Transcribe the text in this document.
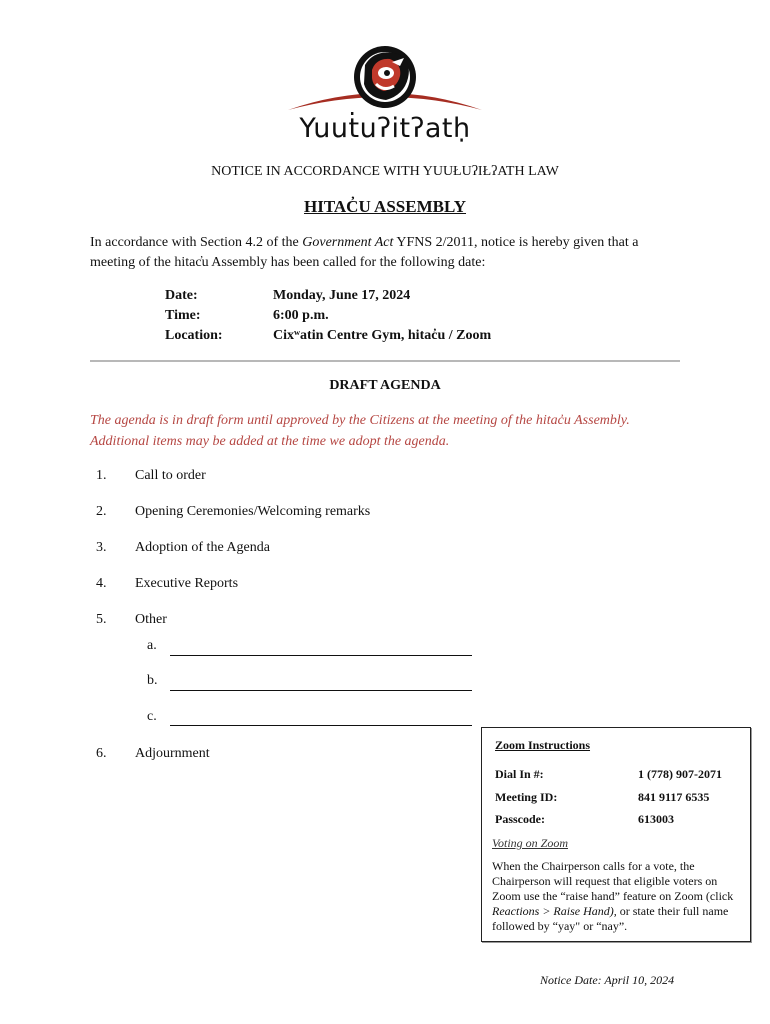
Yuuṫuʔitʔatḥ
NOTICE IN ACCORDANCE WITH YUUŁUʔIŁʔATH LAW
HITAC̓U ASSEMBLY
In accordance with Section 4.2 of the Government Act YFNS 2/2011, notice is hereby given that a meeting of the hitac̓u Assembly has been called for the following date:
Date:	Monday, June 17, 2024
Time:	6:00 p.m.
Location:	Cixʷatin Centre Gym, hitac̓u / Zoom
DRAFT AGENDA
The agenda is in draft form until approved by the Citizens at the meeting of the hitac̓u Assembly. Additional items may be added at the time we adopt the agenda.
1. Call to order
2. Opening Ceremonies/Welcoming remarks
3. Adoption of the Agenda
4. Executive Reports
5. Other
a.
b.
c.
6. Adjournment
Zoom Instructions
Dial In #:	1 (778) 907-2071
Meeting ID:	841 9117 6535
Passcode:	613003
Voting on Zoom
When the Chairperson calls for a vote, the Chairperson will request that eligible voters on Zoom use the “raise hand” feature on Zoom (click Reactions > Raise Hand), or state their full name followed by “yay" or “nay”.
Notice Date: April 10, 2024
